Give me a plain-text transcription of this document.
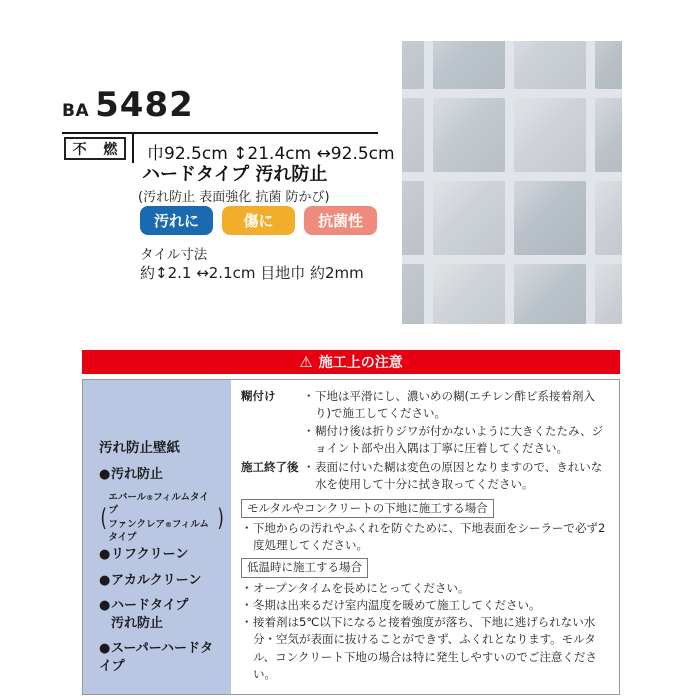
BA 5482
不 燃 巾92.5cm ↕21.4cm ↔92.5cm
ハードタイプ 汚れ防止
(汚れ防止 表面強化 抗菌 防かび)
汚れに	傷に	抗菌性
タイル寸法
約↕2.1 ↔2.1cm 目地巾 約2mm
⚠ 施工上の注意
汚れ防止壁紙
●汚れ防止
(
エバール®フィルムタイプ
ファンクレア®フィルムタイプ
)
●リフクリーン
●アカルクリーン
●ハードタイプ
汚れ防止
●スーパーハードタイプ
糊付け	・ 下地は平滑にし、濃いめの糊(エチレン酢ビ系接着剤入り)で施工してください。
・ 糊付け後は折りジワが付かないように大きくたたみ、ジョイント部や出入隅は丁寧に圧着してください。
施工終了後 ・ 表面に付いた糊は変色の原因となりますので、きれいな水を使用して十分に拭き取ってください。
モルタルやコンクリートの下地に施工する場合
・ 下地からの汚れやふくれを防ぐために、下地表面をシーラーで必ず2度処理してください。
低温時に施工する場合
・ オープンタイムを長めにとってください。
・ 冬期は出来るだけ室内温度を暖めて施工してください。
・ 接着剤は5℃以下になると接着強度が落ち、下地に逃げられない水分・空気が表面に抜けることができず、ふくれとなります。モルタル、コンクリート下地の場合は特に発生しやすいのでご注意ください。
